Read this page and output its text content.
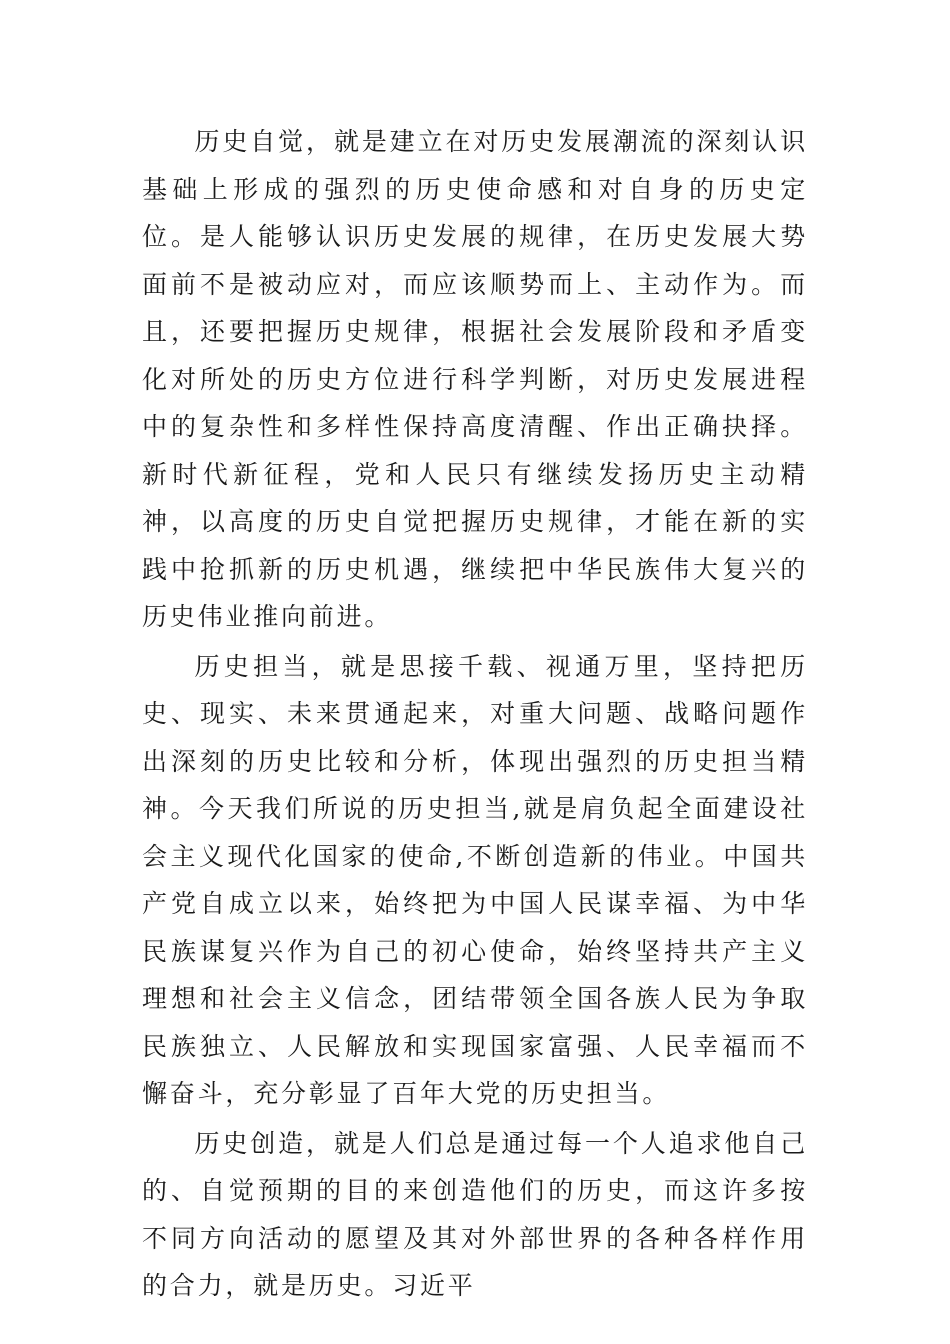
历史自觉，就是建立在对历史发展潮流的深刻认识基础上形成的强烈的历史使命感和对自身的历史定位。是人能够认识历史发展的规律，在历史发展大势面前不是被动应对，而应该顺势而上、主动作为。而且，还要把握历史规律，根据社会发展阶段和矛盾变化对所处的历史方位进行科学判断，对历史发展进程中的复杂性和多样性保持高度清醒、作出正确抉择。新时代新征程，党和人民只有继续发扬历史主动精神，以高度的历史自觉把握历史规律，才能在新的实践中抢抓新的历史机遇，继续把中华民族伟大复兴的历史伟业推向前进。

历史担当，就是思接千载、视通万里，坚持把历史、现实、未来贯通起来，对重大问题、战略问题作出深刻的历史比较和分析，体现出强烈的历史担当精神。今天我们所说的历史担当,就是肩负起全面建设社会主义现代化国家的使命,不断创造新的伟业。中国共产党自成立以来，始终把为中国人民谋幸福、为中华民族谋复兴作为自己的初心使命，始终坚持共产主义理想和社会主义信念，团结带领全国各族人民为争取民族独立、人民解放和实现国家富强、人民幸福而不懈奋斗，充分彰显了百年大党的历史担当。

历史创造，就是人们总是通过每一个人追求他自己的、自觉预期的目的来创造他们的历史，而这许多按不同方向活动的愿望及其对外部世界的各种各样作用的合力，就是历史。习近平
